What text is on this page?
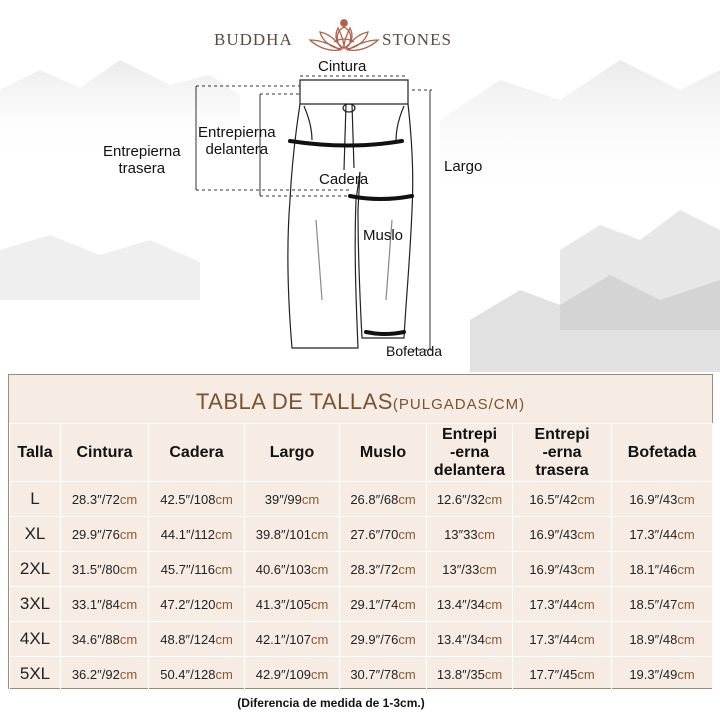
BUDDHA	STONES
Cintura
Entrepierna
trasera
Entrepierna
delantera
Largo
Cadera
Muslo
Bofetada
TABLA DE TALLAS(PULGADAS/CM)
Talla	Cintura	Cadera	Largo	Muslo	Entrepi
-erna
delantera	Entrepi
-erna
trasera	Bofetada
L	28.3″/72cm	42.5″/108cm	39″/99cm	26.8″/68cm	12.6″/32cm	16.5″/42cm	16.9″/43cm
XL	29.9″/76cm	44.1″/112cm	39.8″/101cm	27.6″/70cm	13″33cm	16.9″/43cm	17.3″/44cm
2XL	31.5″/80cm	45.7″/116cm	40.6″/103cm	28.3″/72cm	13″/33cm	16.9″/43cm	18.1″/46cm
3XL	33.1″/84cm	47.2″/120cm	41.3″/105cm	29.1″/74cm	13.4″/34cm	17.3″/44cm	18.5″/47cm
4XL	34.6″/88cm	48.8″/124cm	42.1″/107cm	29.9″/76cm	13.4″/34cm	17.3″/44cm	18.9″/48cm
5XL	36.2″/92cm	50.4″/128cm	42.9″/109cm	30.7″/78cm	13.8″/35cm	17.7″/45cm	19.3″/49cm
(Diferencia de medida de 1-3cm.)
